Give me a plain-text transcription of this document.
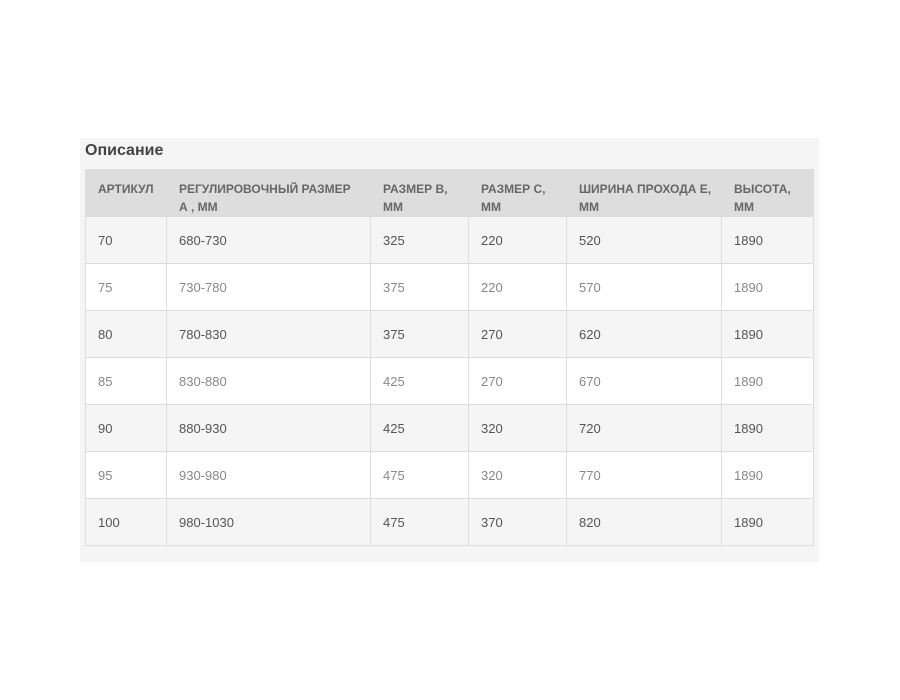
Описание
АРТИКУЛ	РЕГУЛИРОВОЧНЫЙ РАЗМЕР А , ММ	РАЗМЕР В, ММ	РАЗМЕР С, ММ	ШИРИНА ПРОХОДА Е, ММ	ВЫСОТА, ММ
70	680-730	325	220	520	1890
75	730-780	375	220	570	1890
80	780-830	375	270	620	1890
85	830-880	425	270	670	1890
90	880-930	425	320	720	1890
95	930-980	475	320	770	1890
100	980-1030	475	370	820	1890
